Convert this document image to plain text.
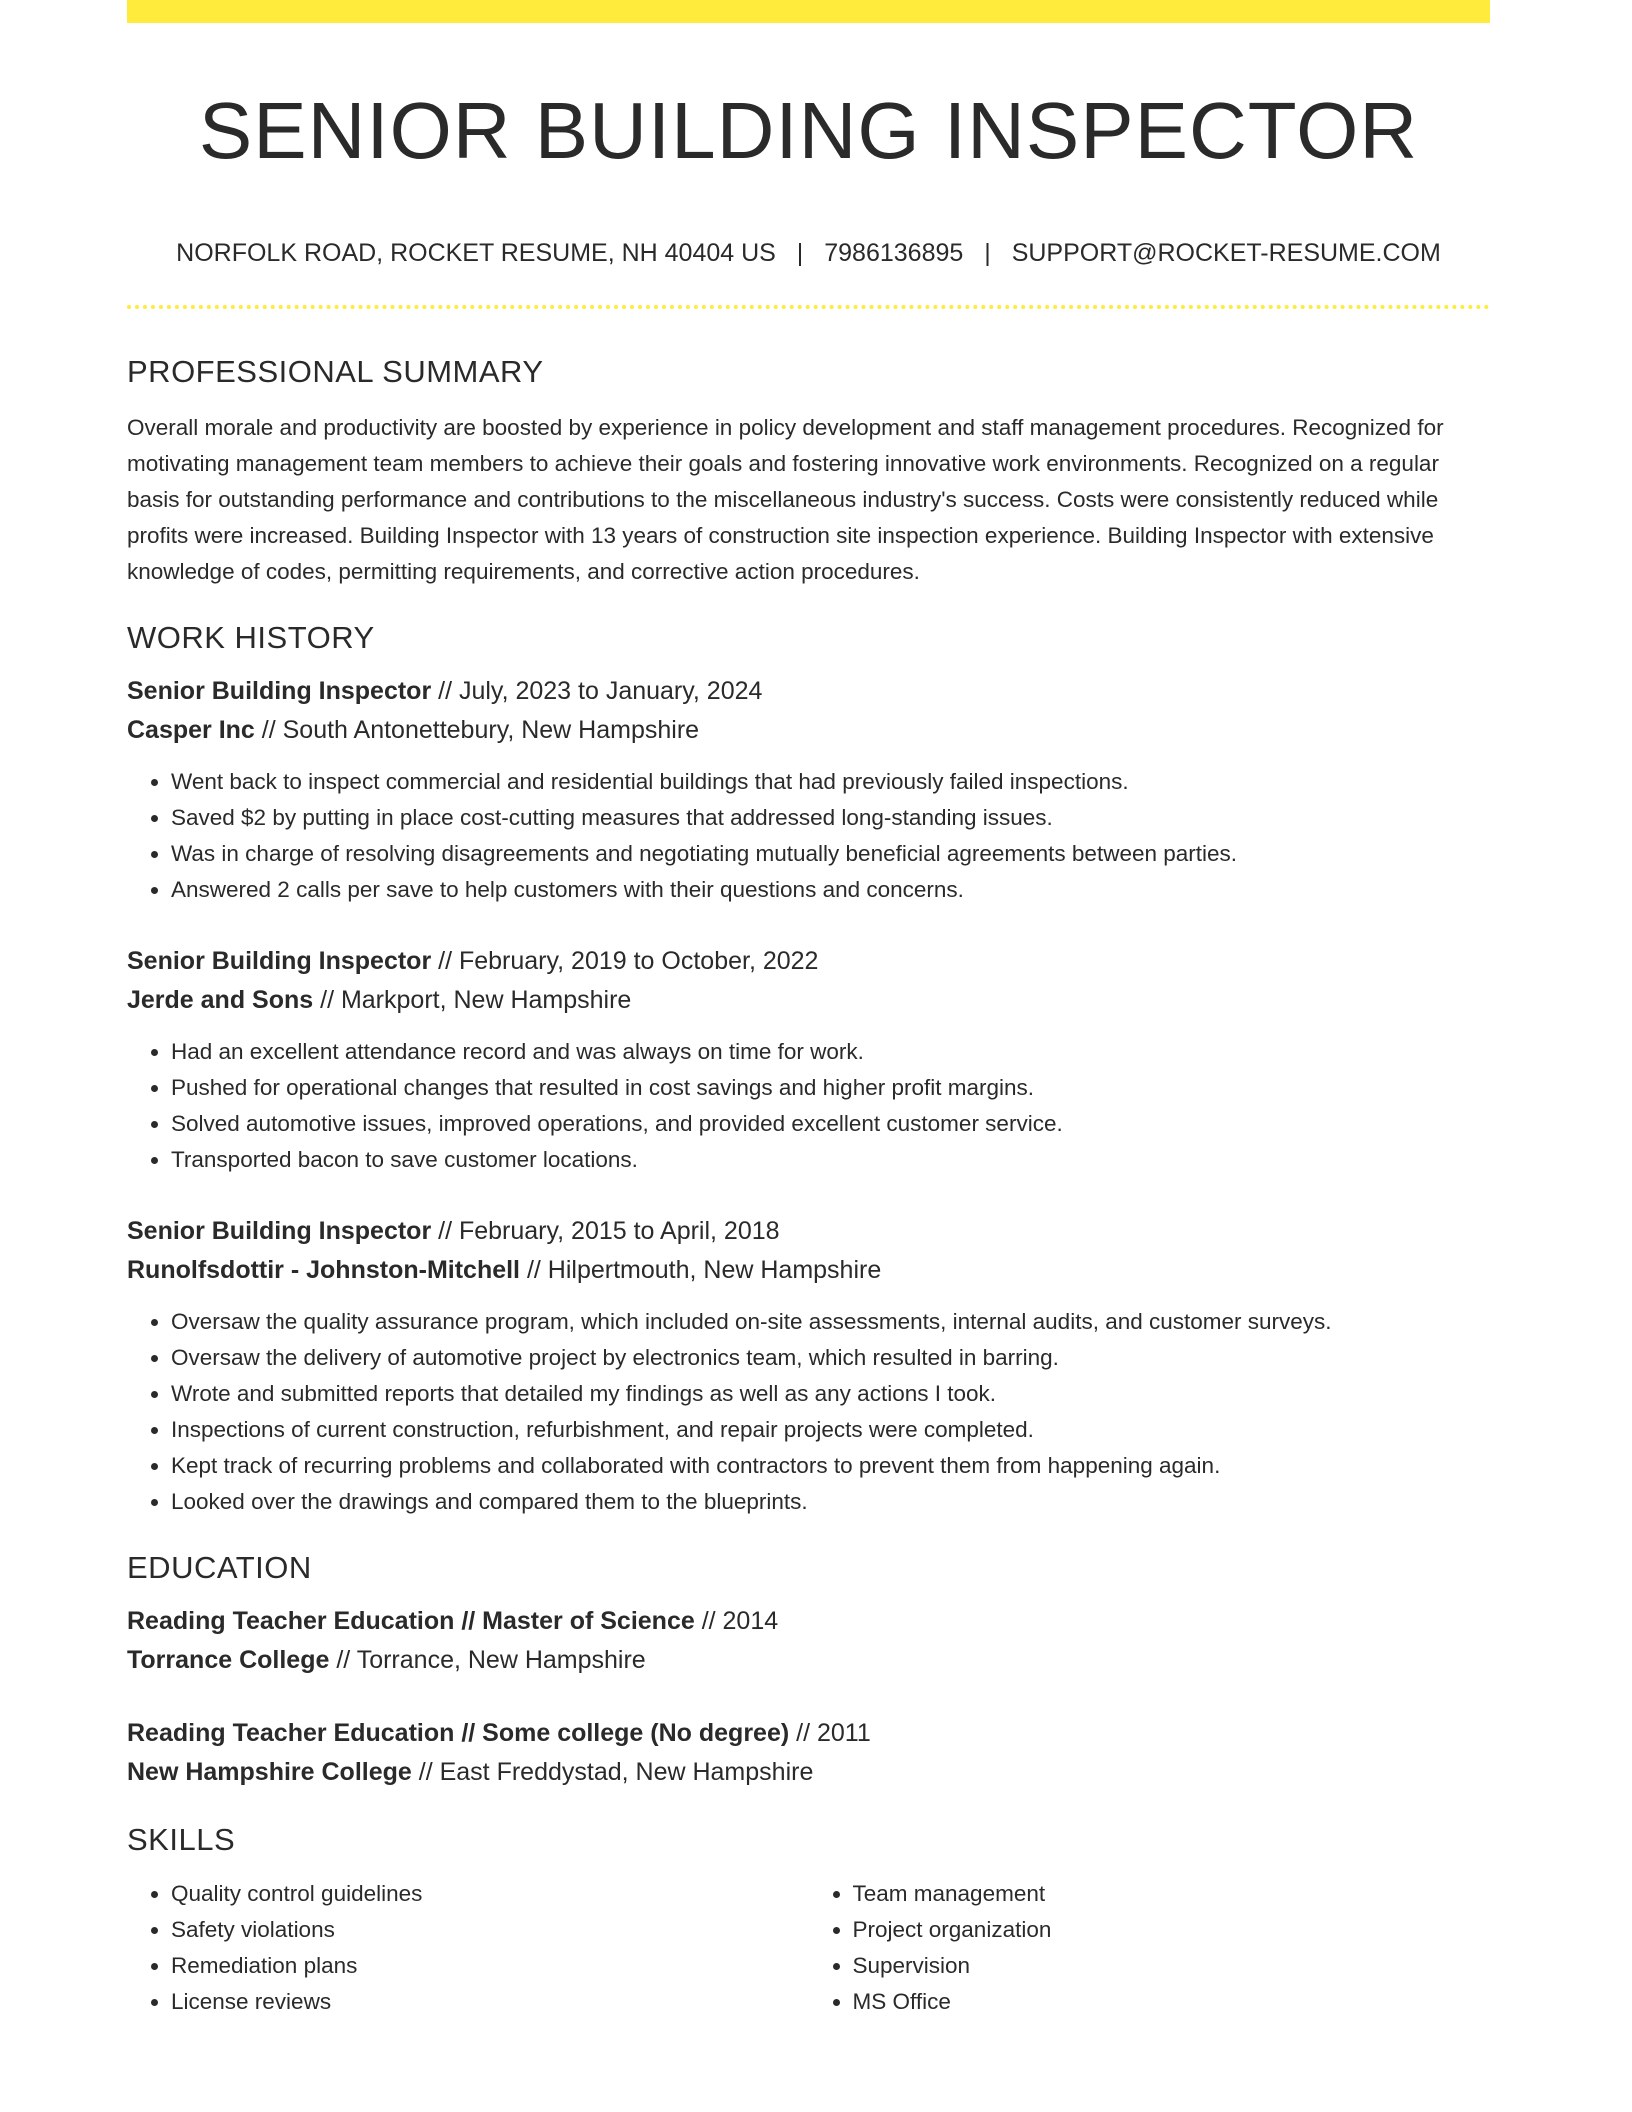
SENIOR BUILDING INSPECTOR
NORFOLK ROAD, ROCKET RESUME, NH 40404 US | 7986136895 | SUPPORT@ROCKET-RESUME.COM
PROFESSIONAL SUMMARY

Overall morale and productivity are boosted by experience in policy development and staff management procedures. Recognized for motivating management team members to achieve their goals and fostering innovative work environments. Recognized on a regular basis for outstanding performance and contributions to the miscellaneous industry's success. Costs were consistently reduced while profits were increased. Building Inspector with 13 years of construction site inspection experience. Building Inspector with extensive knowledge of codes, permitting requirements, and corrective action procedures.

WORK HISTORY
Senior Building Inspector // July, 2023 to January, 2024
Casper Inc // South Antonettebury, New Hampshire
• Went back to inspect commercial and residential buildings that had previously failed inspections.
• Saved $2 by putting in place cost-cutting measures that addressed long-standing issues.
• Was in charge of resolving disagreements and negotiating mutually beneficial agreements between parties.
• Answered 2 calls per save to help customers with their questions and concerns.
Senior Building Inspector // February, 2019 to October, 2022
Jerde and Sons // Markport, New Hampshire
• Had an excellent attendance record and was always on time for work.
• Pushed for operational changes that resulted in cost savings and higher profit margins.
• Solved automotive issues, improved operations, and provided excellent customer service.
• Transported bacon to save customer locations.
Senior Building Inspector // February, 2015 to April, 2018
Runolfsdottir - Johnston-Mitchell // Hilpertmouth, New Hampshire
• Oversaw the quality assurance program, which included on-site assessments, internal audits, and customer surveys.
• Oversaw the delivery of automotive project by electronics team, which resulted in barring.
• Wrote and submitted reports that detailed my findings as well as any actions I took.
• Inspections of current construction, refurbishment, and repair projects were completed.
• Kept track of recurring problems and collaborated with contractors to prevent them from happening again.
• Looked over the drawings and compared them to the blueprints.
EDUCATION
Reading Teacher Education // Master of Science // 2014
Torrance College // Torrance, New Hampshire
Reading Teacher Education // Some college (No degree) // 2011
New Hampshire College // East Freddystad, New Hampshire
SKILLS
• Quality control guidelines
• Safety violations
• Remediation plans
• License reviews
• Team management
• Project organization
• Supervision
• MS Office
